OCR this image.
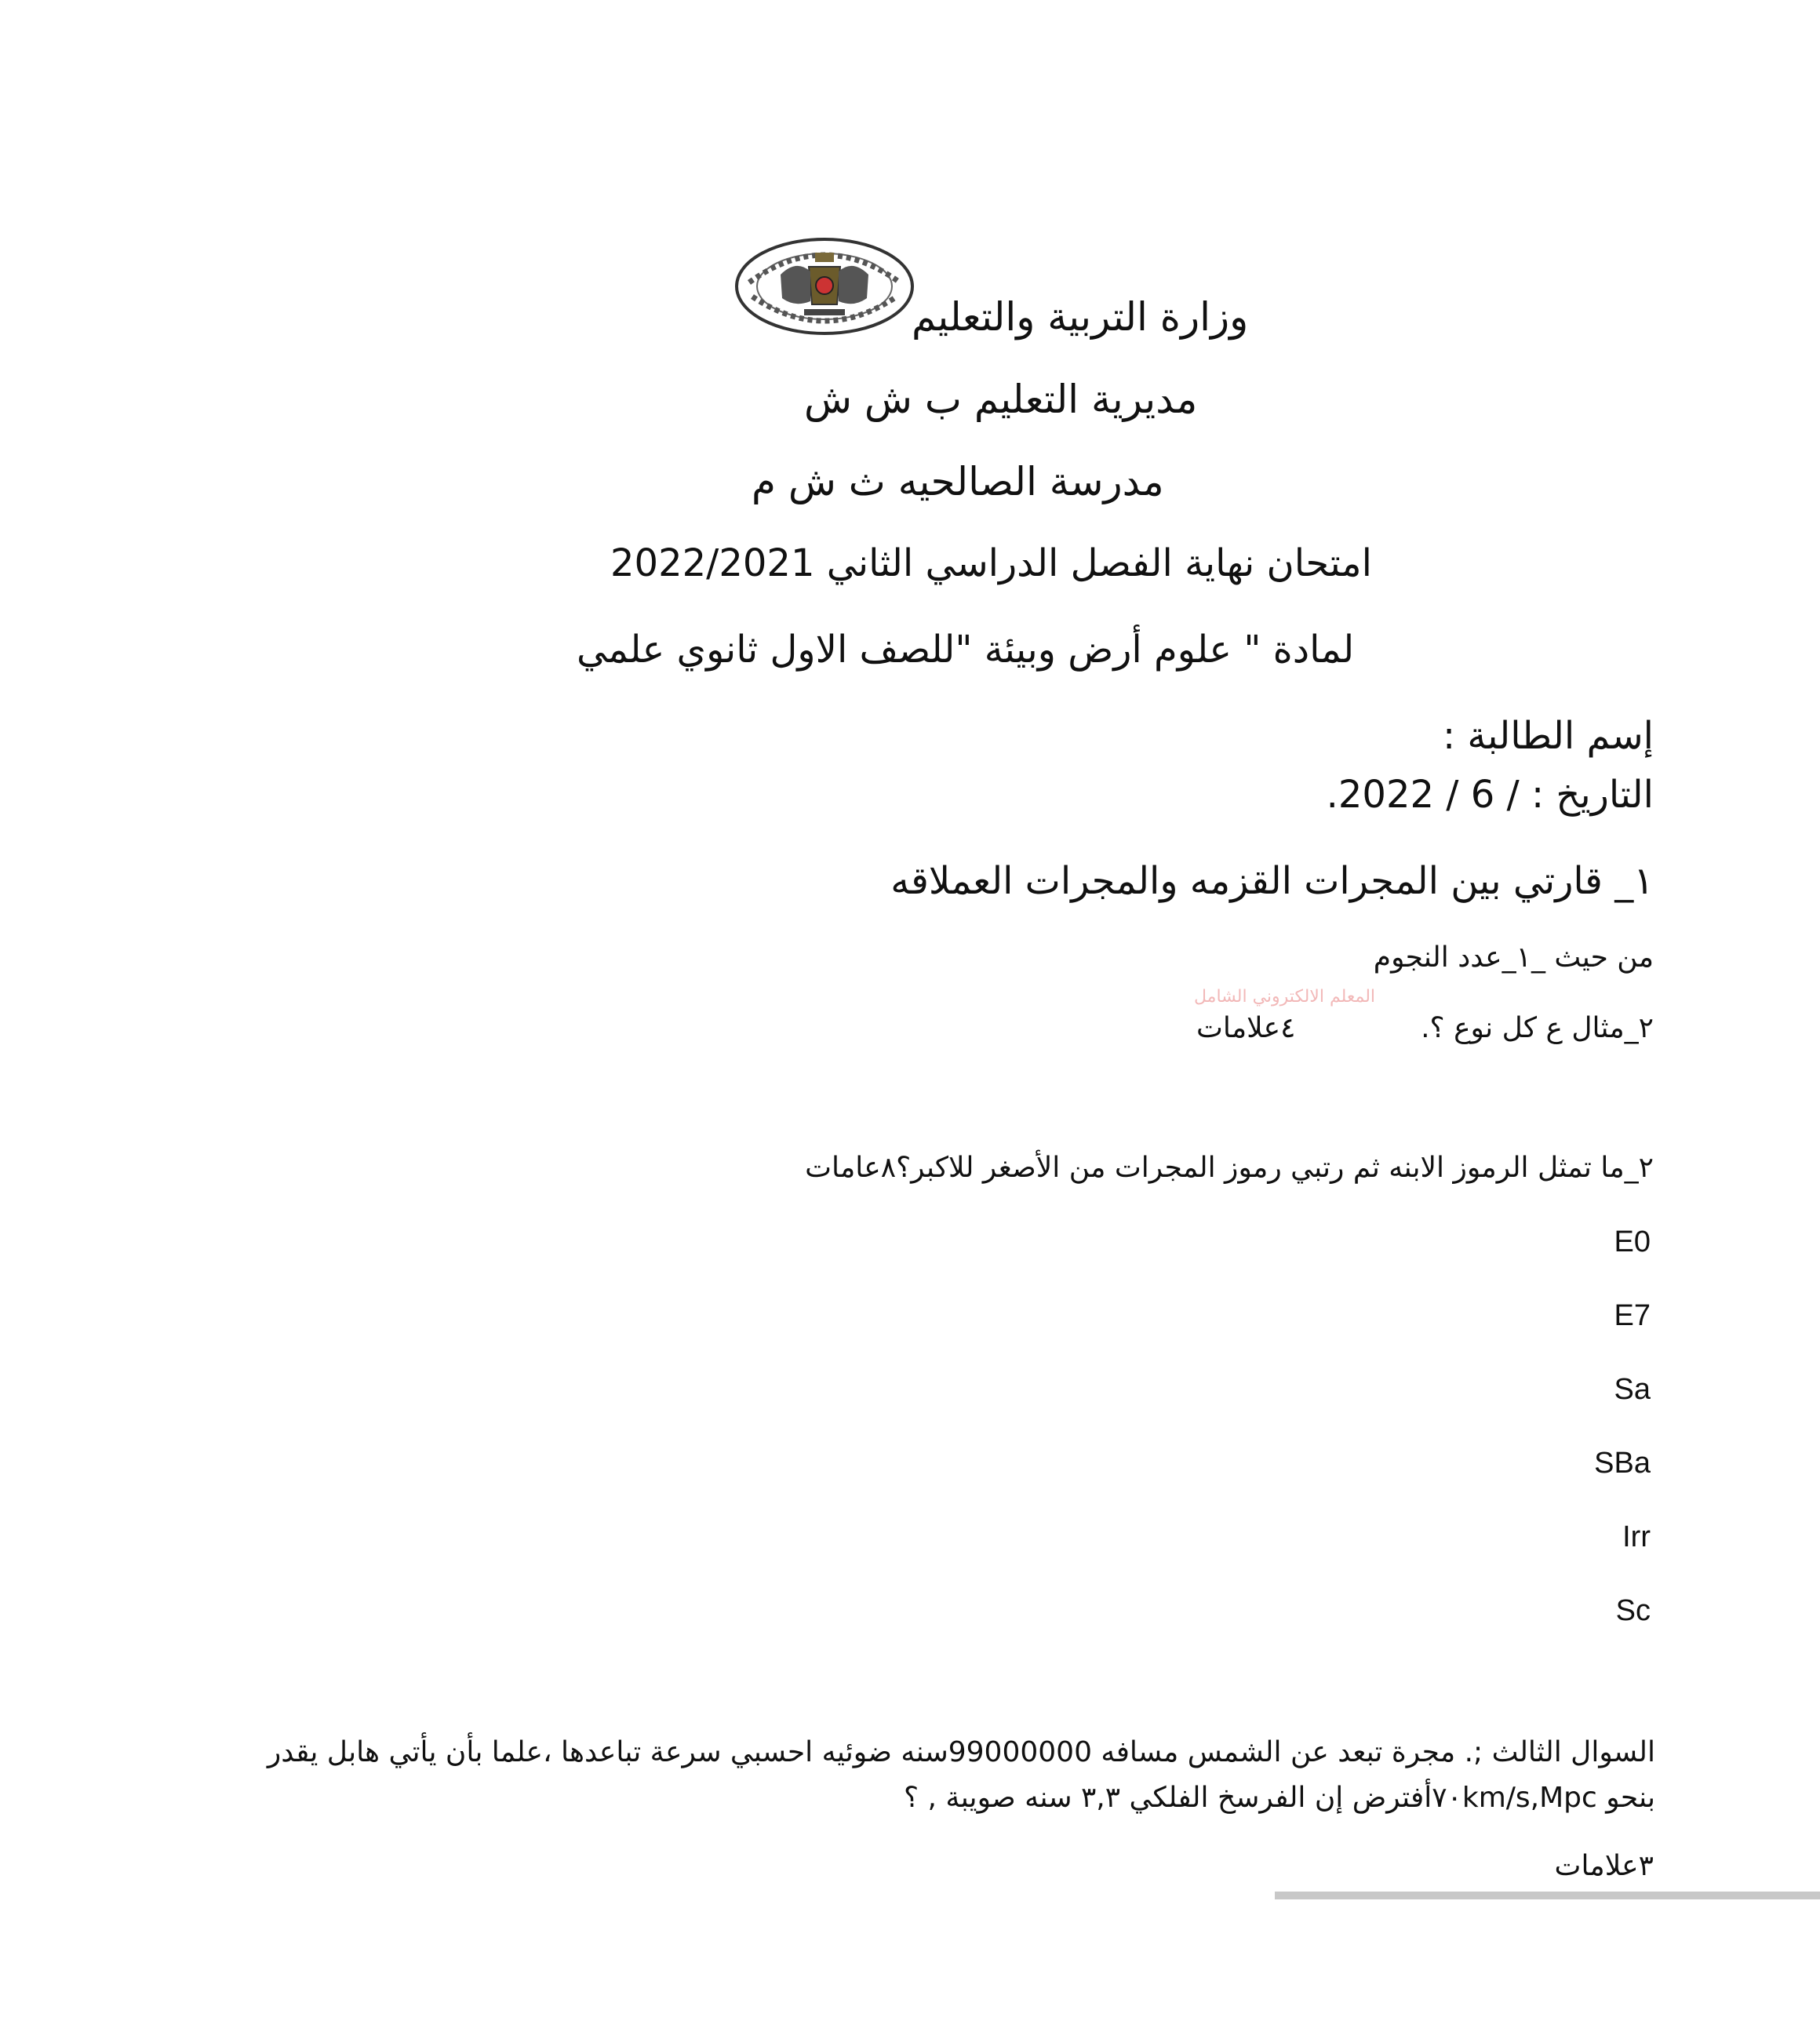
وزارة التربية والتعليم
مديرية التعليم ب ش ش
مدرسة الصالحيه ث ش م
امتحان نهاية الفصل الدراسي الثاني 2022/2021
لمادة " علوم أرض وبيئة "للصف الاول ثانوي علمي
إسم الطالبة :
التاريخ : / 6 / 2022.
١_ قارتي بين المجرات القزمه والمجرات العملاقه
من حيث _١_عدد النجوم
المعلم الالكتروني الشامل
٢_مثال ع كل نوع ؟.
٤علامات
٢_ما تمثل الرموز الابنه ثم رتبي رموز المجرات من الأصغر للاكبر؟٨عامات
E0
E7
Sa
SBa
Irr
Sc
السوال الثالث ;. مجرة تبعد عن الشمس مسافه 99000000سنه ضوئيه احسبي سرعة تباعدها ،علما بأن يأتي هابل يقدر
بنحو ٧٠km/s,Mpcأفترض إن الفرسخ الفلكي ٣,٣ سنه صويبة , ؟
٣علامات
